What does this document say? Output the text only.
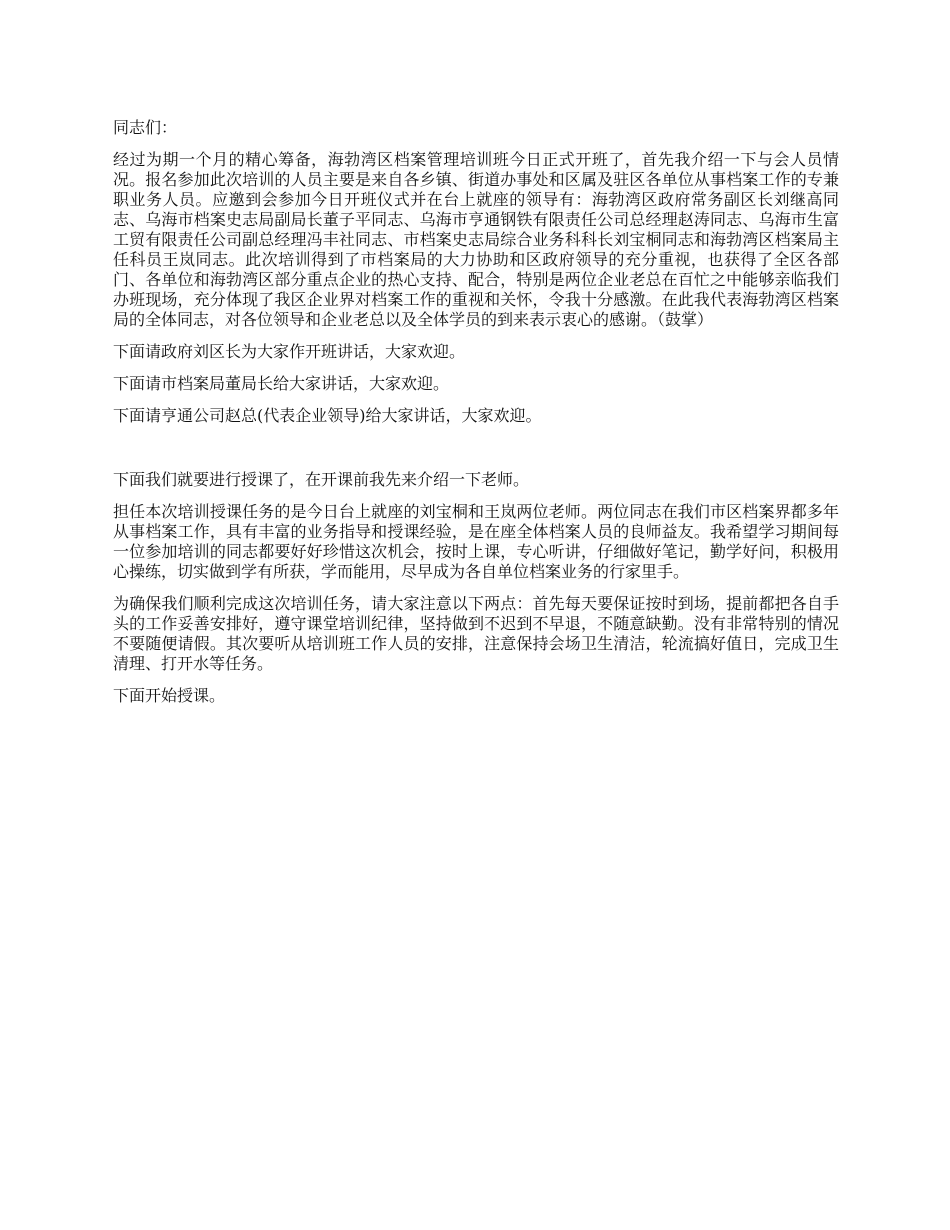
同志们：

经过为期一个月的精心筹备，海勃湾区档案管理培训班今日正式开班了，首先我介绍一下与会人员情况。报名参加此次培训的人员主要是来自各乡镇、街道办事处和区属及驻区各单位从事档案工作的专兼职业务人员。应邀到会参加今日开班仪式并在台上就座的领导有：海勃湾区政府常务副区长刘继高同志、乌海市档案史志局副局长董子平同志、乌海市亨通钢铁有限责任公司总经理赵涛同志、乌海市生富工贸有限责任公司副总经理冯丰社同志、市档案史志局综合业务科科长刘宝桐同志和海勃湾区档案局主任科员王岚同志。此次培训得到了市档案局的大力协助和区政府领导的充分重视，也获得了全区各部门、各单位和海勃湾区部分重点企业的热心支持、配合，特别是两位企业老总在百忙之中能够亲临我们办班现场，充分体现了我区企业界对档案工作的重视和关怀，令我十分感激。在此我代表海勃湾区档案局的全体同志，对各位领导和企业老总以及全体学员的到来表示衷心的感谢。（鼓掌）

下面请政府刘区长为大家作开班讲话，大家欢迎。

下面请市档案局董局长给大家讲话，大家欢迎。

下面请亨通公司赵总(代表企业领导)给大家讲话，大家欢迎。

下面我们就要进行授课了，在开课前我先来介绍一下老师。

担任本次培训授课任务的是今日台上就座的刘宝桐和王岚两位老师。两位同志在我们市区档案界都多年从事档案工作，具有丰富的业务指导和授课经验，是在座全体档案人员的良师益友。我希望学习期间每一位参加培训的同志都要好好珍惜这次机会，按时上课，专心听讲，仔细做好笔记，勤学好问，积极用心操练，切实做到学有所获，学而能用，尽早成为各自单位档案业务的行家里手。

为确保我们顺利完成这次培训任务，请大家注意以下两点：首先每天要保证按时到场，提前都把各自手头的工作妥善安排好，遵守课堂培训纪律，坚持做到不迟到不早退，不随意缺勤。没有非常特别的情况不要随便请假。其次要听从培训班工作人员的安排，注意保持会场卫生清洁，轮流搞好值日，完成卫生清理、打开水等任务。

下面开始授课。
